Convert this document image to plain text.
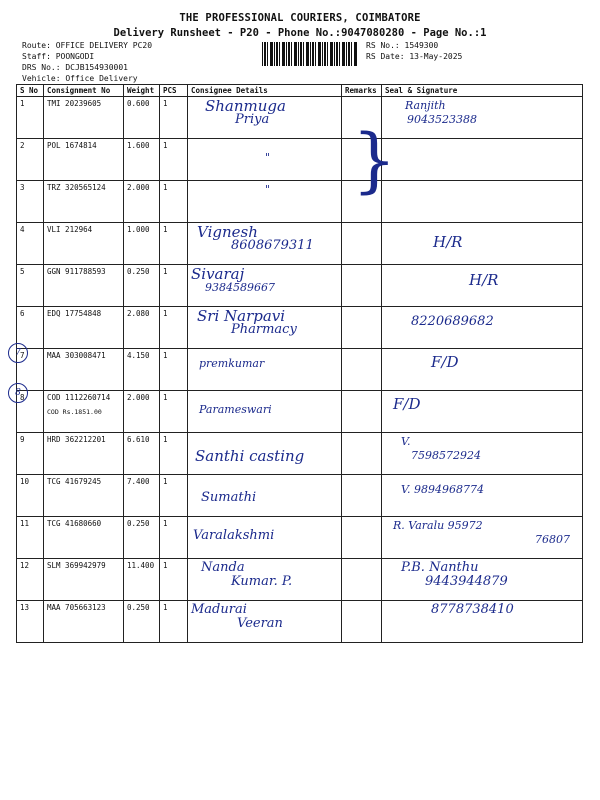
THE PROFESSIONAL COURIERS, COIMBATORE
Delivery Runsheet - P20 - Phone No.:9047080280 - Page No.:1
Route: OFFICE DELIVERY PC20
Staff: POONGODI
DRS No.: DCJB154930001
Vehicle: Office Delivery
RS No.: 1549300
RS Date: 13-May-2025
S No	Consignment No	Weight	PCS	Consignee Details	Remarks	Seal & Signature
1	TMI 20239605	0.600	1	Shanmuga
Priya		Ranjith
9043523388

2	POL 1674814	1.600	1	"		

3	TRZ 320565124	2.000	1	"		

4	VLI 212964	1.000	1	Vignesh
8608679311		H/R

5	GGN 911788593	0.250	1	Sivaraj
9384589667		H/R

6	EDQ 17754848	2.080	1	Sri Narpavi
Pharmacy		8220689682

7	MAA 303008471	4.150	1	premkumar		F/D

8	COD 1112260714
COD Rs.1851.00	2.000	1	Parameswari		F/D

9	HRD 362212201	6.610	1	Santhi casting		V.
7598572924

10	TCG 41679245	7.400	1	Sumathi		V. 9894968774

11	TCG 41680660	0.250	1	Varalakshmi		R. Varalu 95972
76807

12	SLM 369942979	11.400	1	Nanda
Kumar. P.		P.B. Nanthu
9443944879

13	MAA 705663123	0.250	1	Madurai
Veeran		8778738410
}
7
8
